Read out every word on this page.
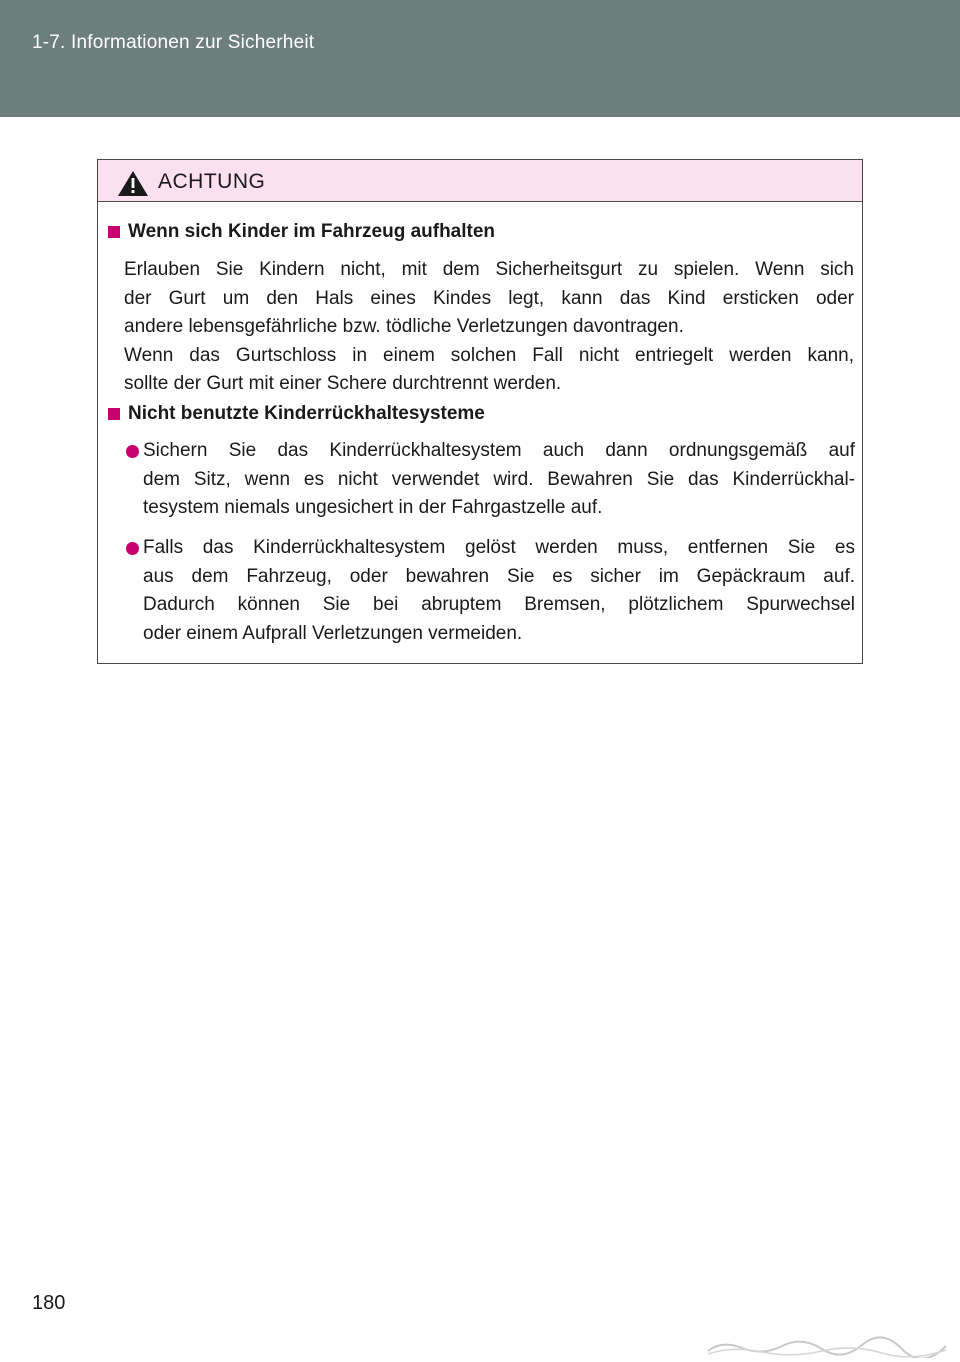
1-7. Informationen zur Sicherheit
ACHTUNG
Wenn sich Kinder im Fahrzeug aufhalten
Erlauben Sie Kindern nicht, mit dem Sicherheitsgurt zu spielen. Wenn sich
der Gurt um den Hals eines Kindes legt, kann das Kind ersticken oder
andere lebensgefährliche bzw. tödliche Verletzungen davontragen.
Wenn das Gurtschloss in einem solchen Fall nicht entriegelt werden kann,
sollte der Gurt mit einer Schere durchtrennt werden.
Nicht benutzte Kinderrückhaltesysteme
Sichern Sie das Kinderrückhaltesystem auch dann ordnungsgemäß auf
dem Sitz, wenn es nicht verwendet wird. Bewahren Sie das Kinderrückhal-
tesystem niemals ungesichert in der Fahrgastzelle auf.
Falls das Kinderrückhaltesystem gelöst werden muss, entfernen Sie es
aus dem Fahrzeug, oder bewahren Sie es sicher im Gepäckraum auf.
Dadurch können Sie bei abruptem Bremsen, plötzlichem Spurwechsel
oder einem Aufprall Verletzungen vermeiden.
180
